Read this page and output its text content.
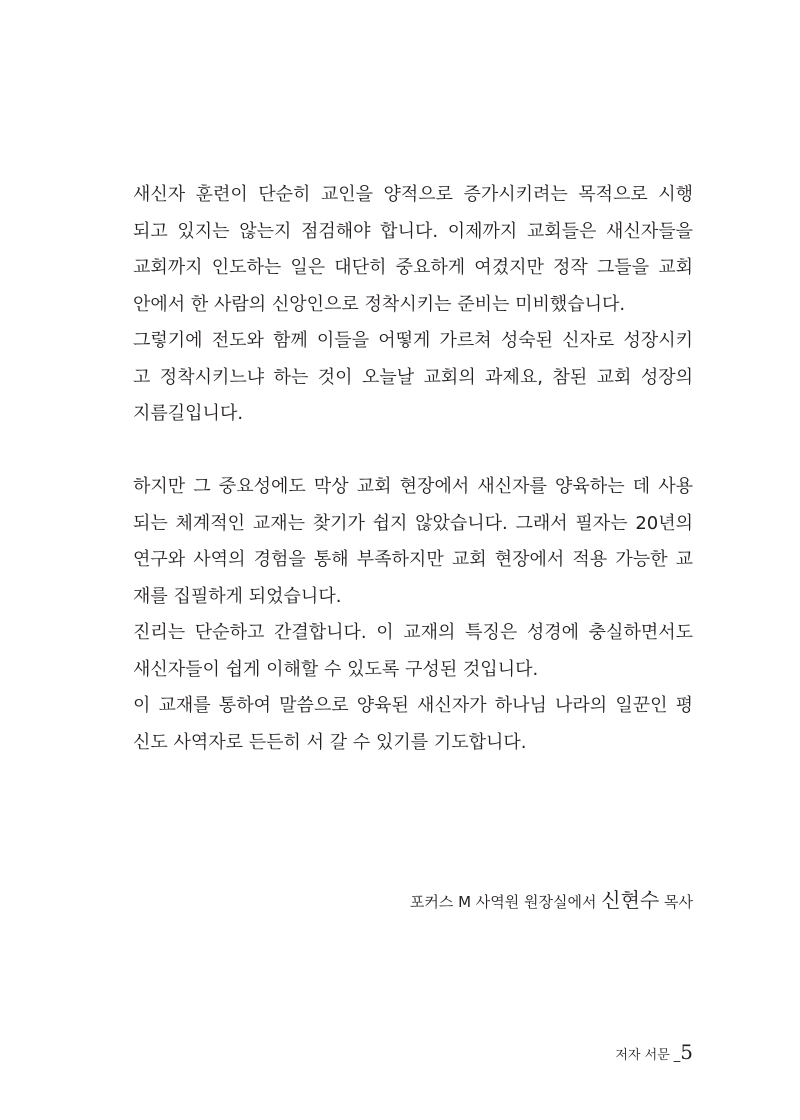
새신자 훈련이 단순히 교인을 양적으로 증가시키려는 목적으로 시행
되고 있지는 않는지 점검해야 합니다. 이제까지 교회들은 새신자들을
교회까지 인도하는 일은 대단히 중요하게 여겼지만 정작 그들을 교회
안에서 한 사람의 신앙인으로 정착시키는 준비는 미비했습니다.
그렇기에 전도와 함께 이들을 어떻게 가르쳐 성숙된 신자로 성장시키
고 정착시키느냐 하는 것이 오늘날 교회의 과제요, 참된 교회 성장의
지름길입니다.
하지만 그 중요성에도 막상 교회 현장에서 새신자를 양육하는 데 사용
되는 체계적인 교재는 찾기가 쉽지 않았습니다. 그래서 필자는 20년의
연구와 사역의 경험을 통해 부족하지만 교회 현장에서 적용 가능한 교
재를 집필하게 되었습니다.
진리는 단순하고 간결합니다. 이 교재의 특징은 성경에 충실하면서도
새신자들이 쉽게 이해할 수 있도록 구성된 것입니다.
이 교재를 통하여 말씀으로 양육된 새신자가 하나님 나라의 일꾼인 평
신도 사역자로 든든히 서 갈 수 있기를 기도합니다.
포커스 M 사역원 원장실에서 신현수 목사
저자 서문 _5
